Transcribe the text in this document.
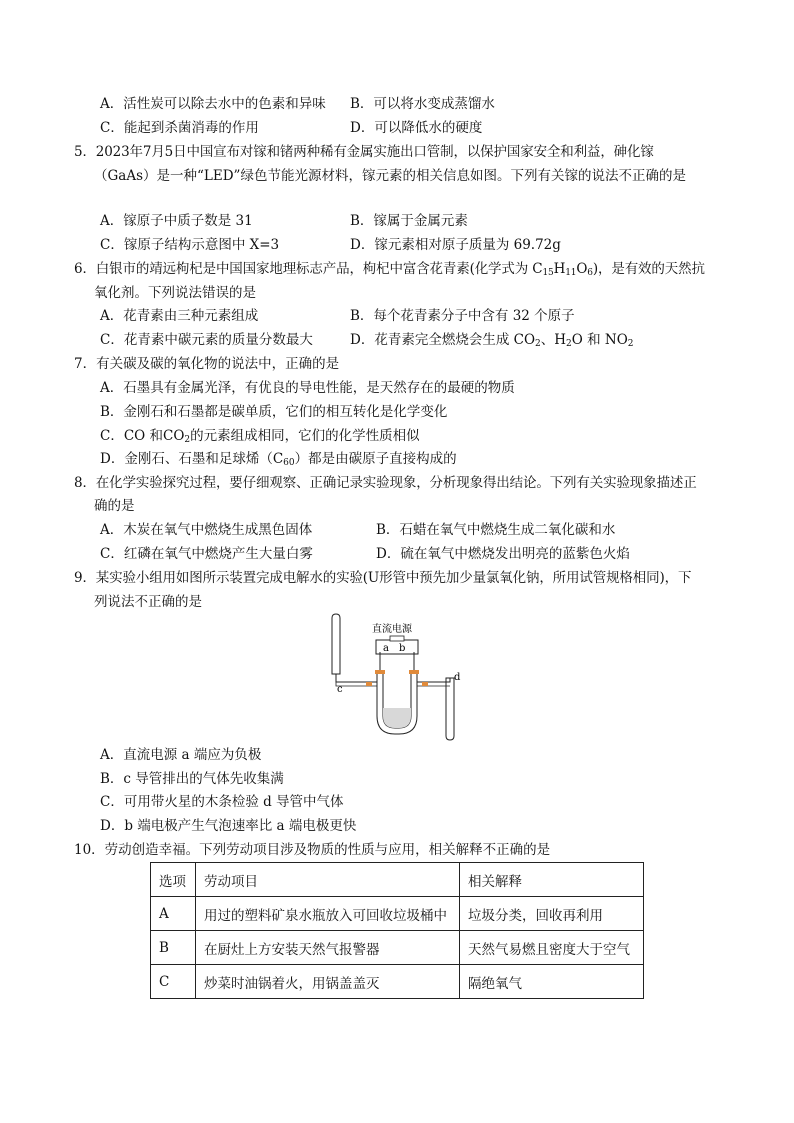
A．活性炭可以除去水中的色素和异味 B．可以将水变成蒸馏水
C．能起到杀菌消毒的作用	D．可以降低水的硬度
5．2023年7月5日中国宣布对镓和锗两种稀有金属实施出口管制，以保护国家安全和利益，砷化镓
（GaAs）是一种“LED”绿色节能光源材料，镓元素的相关信息如图。下列有关镓的说法不正确的是
A．镓原子中质子数是 31	B．镓属于金属元素
C．镓原子结构示意图中 X=3	D．镓元素相对原子质量为 69.72g
6．白银市的靖远枸杞是中国国家地理标志产品，枸杞中富含花青素(化学式为 $C_{15}H_{11}O_6$)，是有效的天然抗
氧化剂。下列说法错误的是
A．花青素由三种元素组成	B．每个花青素分子中含有 32 个原子
C．花青素中碳元素的质量分数最大	D．花青素完全燃烧会生成 $CO_2$、$H_2O$ 和 $NO_2$
7．有关碳及碳的氧化物的说法中，正确的是
A．石墨具有金属光泽，有优良的导电性能，是天然存在的最硬的物质
B．金刚石和石墨都是碳单质，它们的相互转化是化学变化
C．CO 和$CO_2$的元素组成相同，它们的化学性质相似
D．金刚石、石墨和足球烯$(C_{60})$都是由碳原子直接构成的
8．在化学实验探究过程，要仔细观察、正确记录实验现象，分析现象得出结论。下列有关实验现象描述正
确的是
A．木炭在氧气中燃烧生成黑色固体	B．石蜡在氧气中燃烧生成二氧化碳和水
C．红磷在氧气中燃烧产生大量白雾	D．硫在氧气中燃烧发出明亮的蓝紫色火焰
9．某实验小组用如图所示装置完成电解水的实验(U形管中预先加少量氯氧化钠，所用试管规格相同)，下
列说法不正确的是
直流电源
a b
c
d
A．直流电源 a 端应为负极
B．c 导管排出的气体先收集满
C．可用带火星的木条检验 d 导管中气体
D．b 端电极产生气泡速率比 a 端电极更快
10．劳动创造幸福。下列劳动项目涉及物质的性质与应用，相关解释不正确的是
选项	劳动项目	相关解释
A	用过的塑料矿泉水瓶放入可回收垃圾桶中	垃圾分类，回收再利用
B	在厨灶上方安装天然气报警器	天然气易燃且密度大于空气
C	炒菜时油锅着火，用锅盖盖灭	隔绝氧气
